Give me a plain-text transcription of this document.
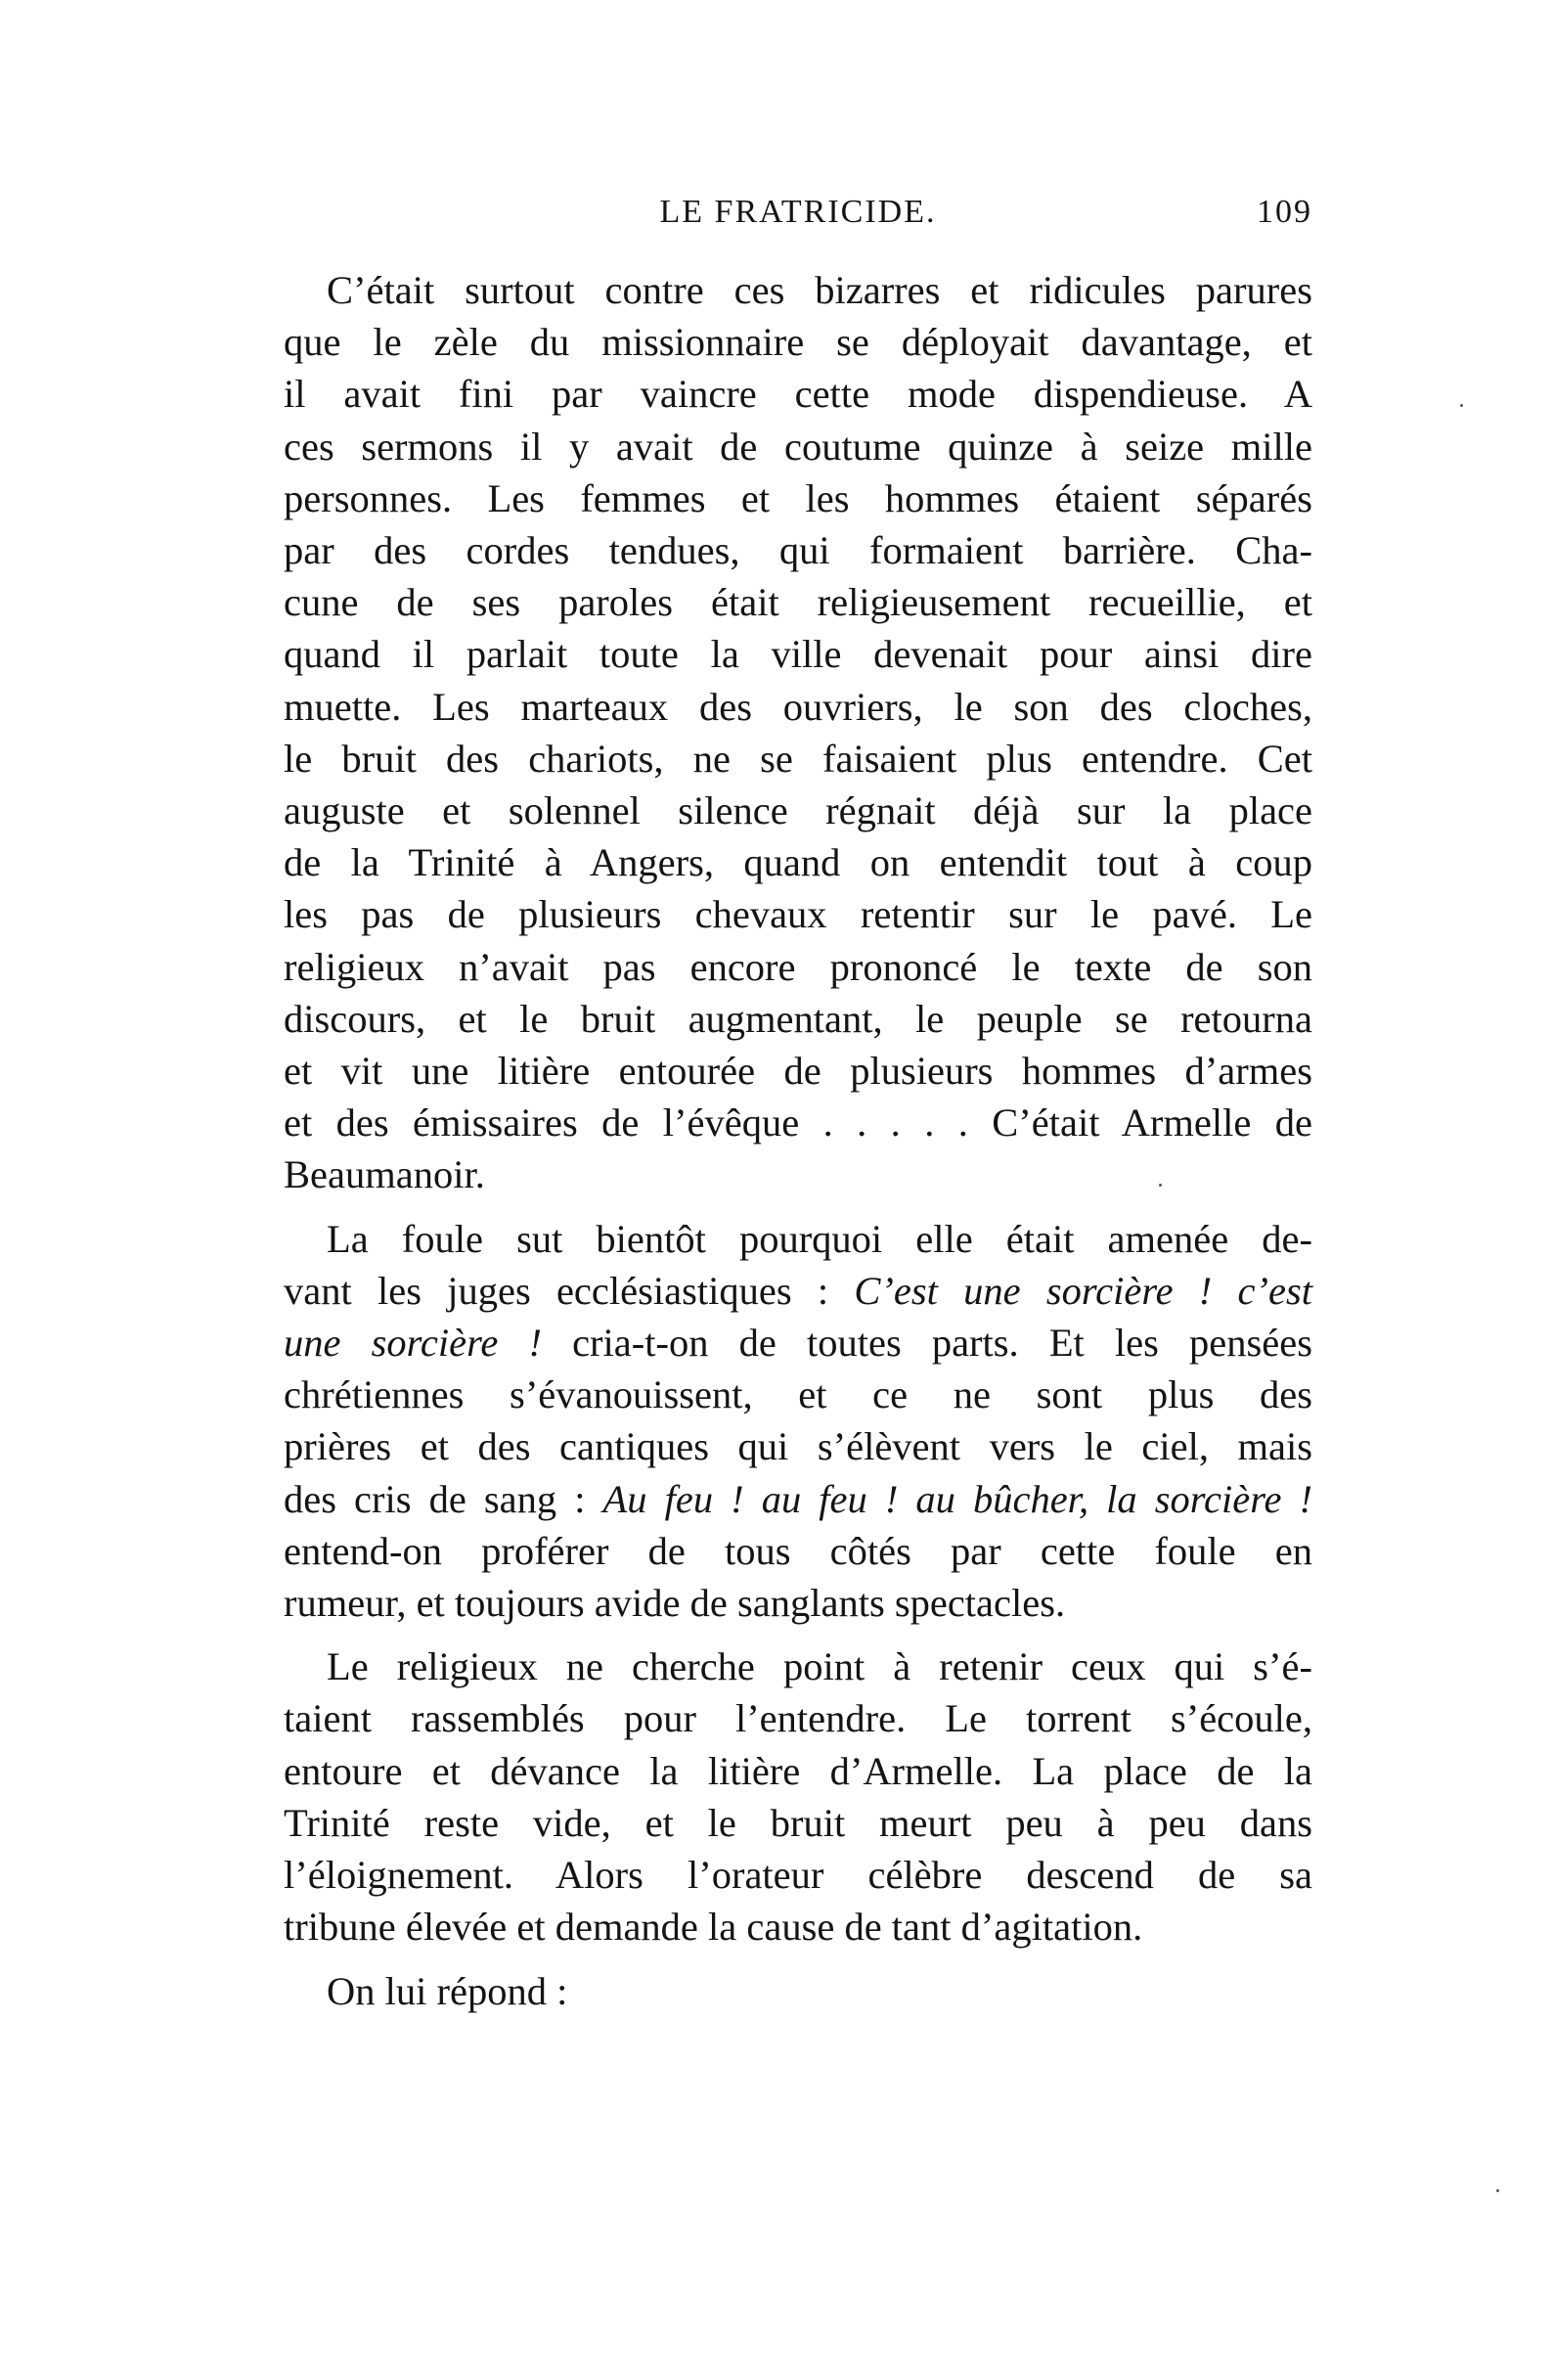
LE FRATRICIDE.	109
C’était surtout contre ces bizarres et ridicules parures
que le zèle du missionnaire se déployait davantage, et
il avait fini par vaincre cette mode dispendieuse. A
ces sermons il y avait de coutume quinze à seize mille
personnes. Les femmes et les hommes étaient séparés
par des cordes tendues, qui formaient barrière. Cha-
cune de ses paroles était religieusement recueillie, et
quand il parlait toute la ville devenait pour ainsi dire
muette. Les marteaux des ouvriers, le son des cloches,
le bruit des chariots, ne se faisaient plus entendre. Cet
auguste et solennel silence régnait déjà sur la place
de la Trinité à Angers, quand on entendit tout à coup
les pas de plusieurs chevaux retentir sur le pavé. Le
religieux n’avait pas encore prononcé le texte de son
discours, et le bruit augmentant, le peuple se retourna
et vit une litière entourée de plusieurs hommes d’armes
et des émissaires de l’évêque . . . . . C’était Armelle de
Beaumanoir.
La foule sut bientôt pourquoi elle était amenée de-
vant les juges ecclésiastiques : C’est une sorcière ! c’est
une sorcière ! cria-t-on de toutes parts. Et les pensées
chrétiennes s’évanouissent, et ce ne sont plus des
prières et des cantiques qui s’élèvent vers le ciel, mais
des cris de sang : Au feu ! au feu ! au bûcher, la sorcière !
entend-on proférer de tous côtés par cette foule en
rumeur, et toujours avide de sanglants spectacles.
Le religieux ne cherche point à retenir ceux qui s’é-
taient rassemblés pour l’entendre. Le torrent s’écoule,
entoure et dévance la litière d’Armelle. La place de la
Trinité reste vide, et le bruit meurt peu à peu dans
l’éloignement. Alors l’orateur célèbre descend de sa
tribune élevée et demande la cause de tant d’agitation.
On lui répond :
